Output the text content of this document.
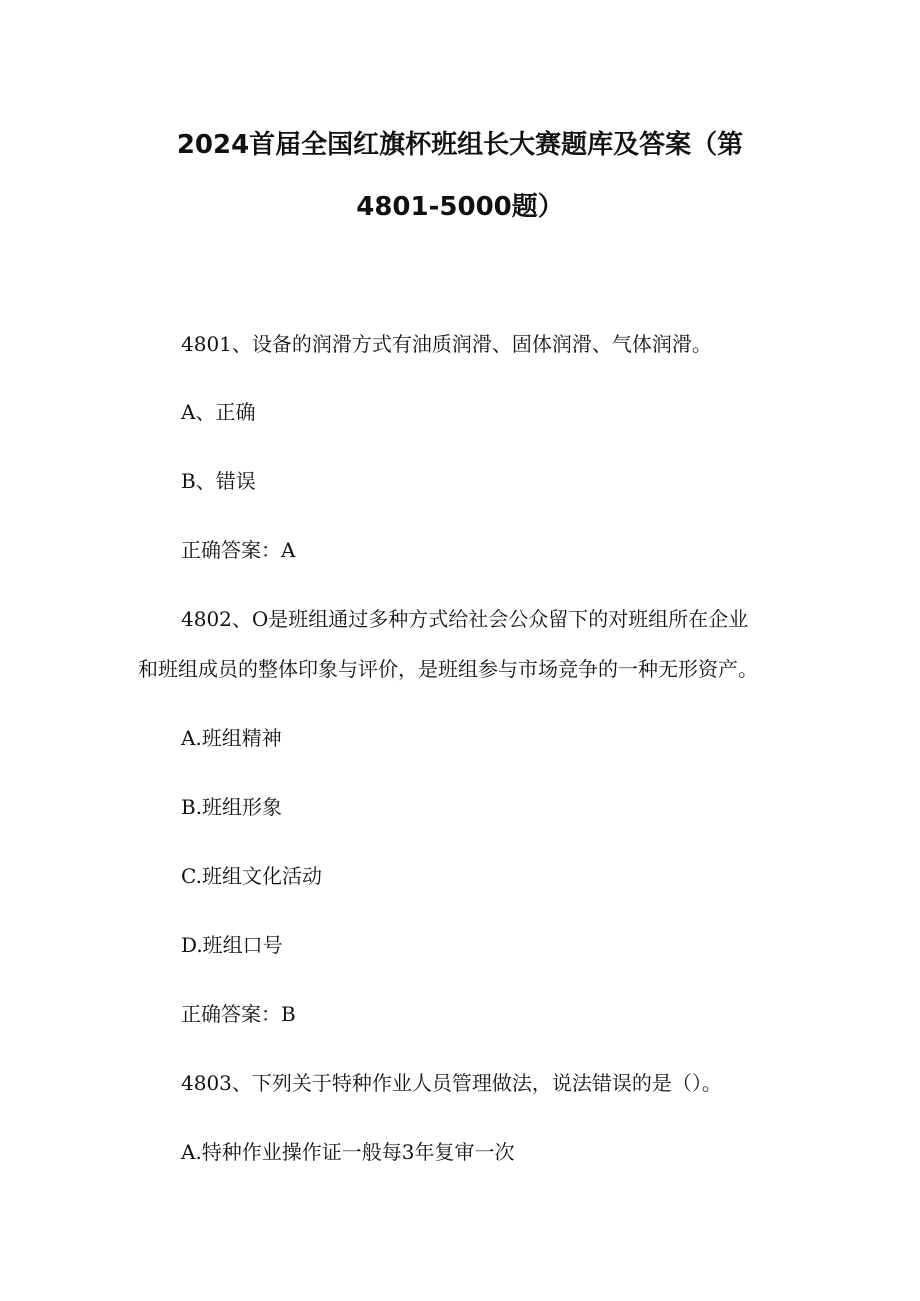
2024首届全国红旗杯班组长大赛题库及答案（第
4801-5000题）
4801、设备的润滑方式有油质润滑、固体润滑、气体润滑。
A、正确
B、错误
正确答案：A
4802、O是班组通过多种方式给社会公众留下的对班组所在企业
和班组成员的整体印象与评价，是班组参与市场竞争的一种无形资产。
A.班组精神
B.班组形象
C.班组文化活动
D.班组口号
正确答案：B
4803、下列关于特种作业人员管理做法，说法错误的是（）。
A.特种作业操作证一般每3年复审一次
